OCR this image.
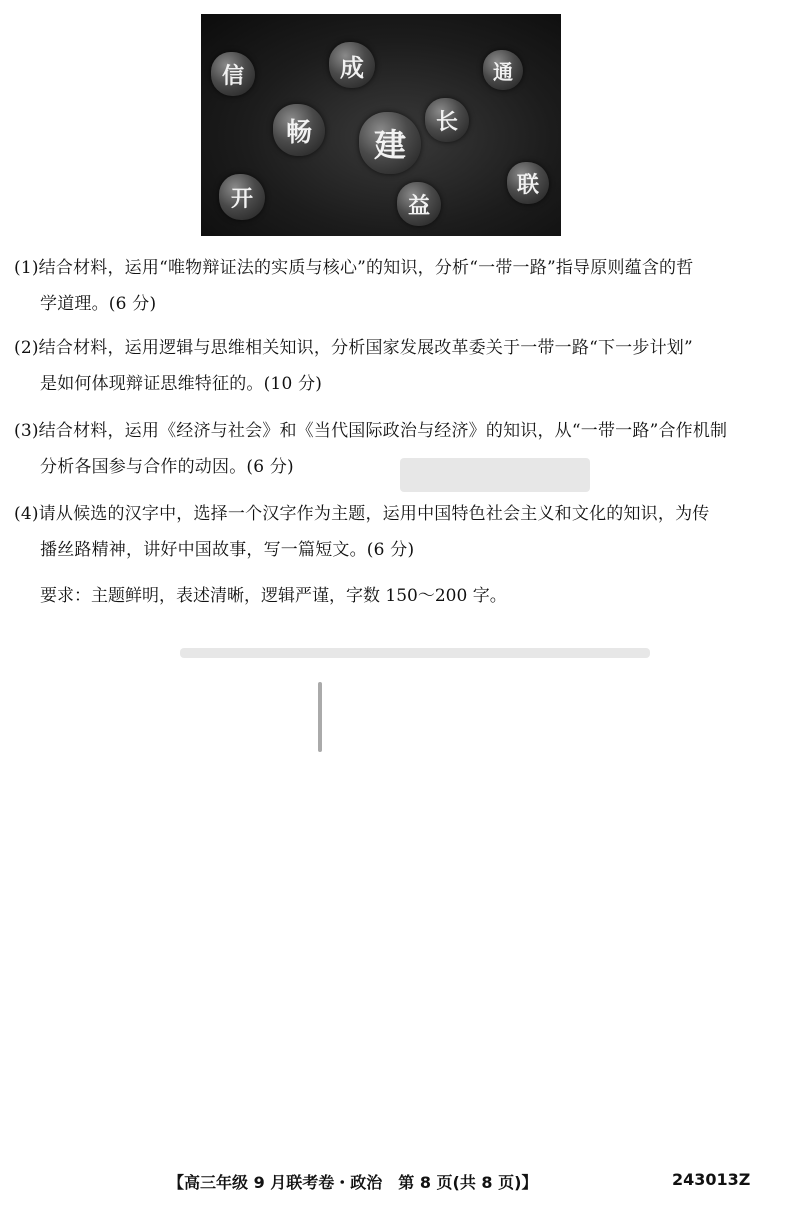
信	成	通
建
畅
开	益
联
长
(1)结合材料，运用“唯物辩证法的实质与核心”的知识，分析“一带一路”指导原则蕴含的哲
学道理。(6 分)
(2)结合材料，运用逻辑与思维相关知识，分析国家发展改革委关于一带一路“下一步计划”
是如何体现辩证思维特征的。(10 分)
(3)结合材料，运用《经济与社会》和《当代国际政治与经济》的知识，从“一带一路”合作机制
分析各国参与合作的动因。(6 分)
(4)请从候选的汉字中，选择一个汉字作为主题，运用中国特色社会主义和文化的知识，为传
播丝路精神，讲好中国故事，写一篇短文。(6 分)
要求：主题鲜明，表述清晰，逻辑严谨，字数 150～200 字。
【高三年级 9 月联考卷・政治　第 8 页(共 8 页)】	243013Z
